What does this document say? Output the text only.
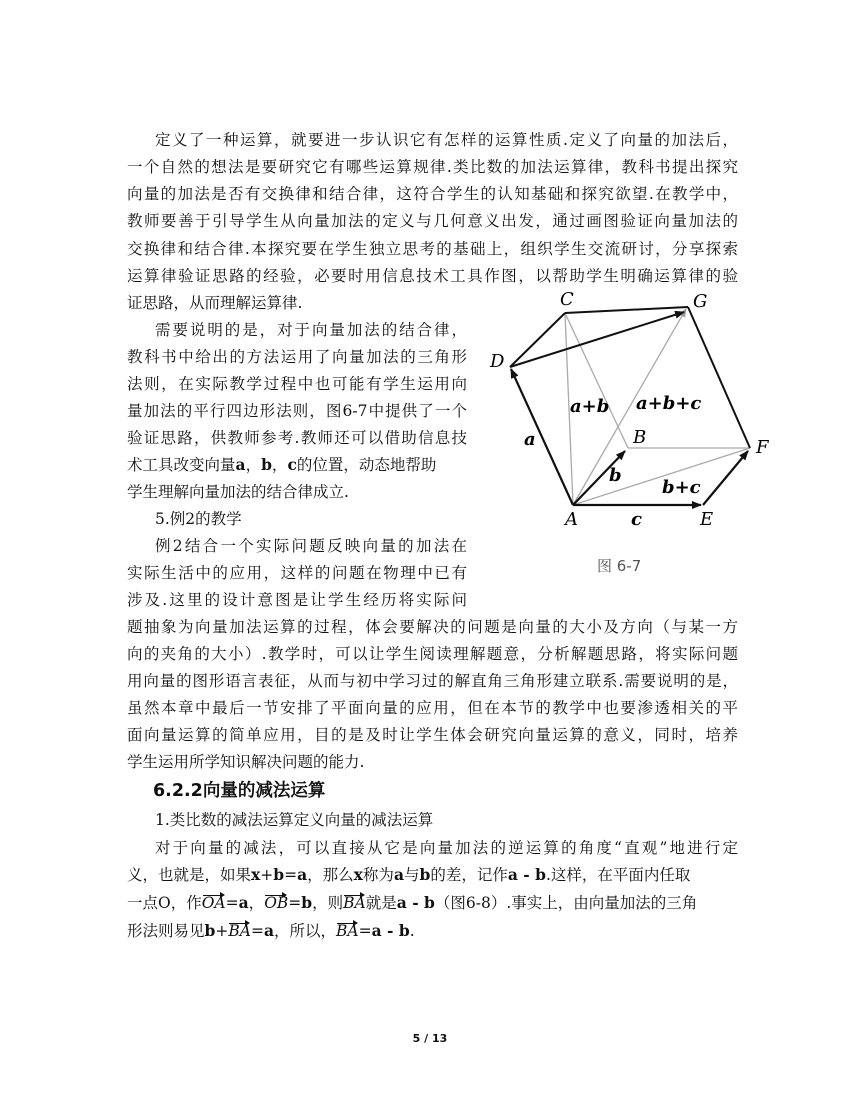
定义了一种运算，就要进一步认识它有怎样的运算性质.定义了向量的加法后，
一个自然的想法是要研究它有哪些运算规律.类比数的加法运算律，教科书提出探究
向量的加法是否有交换律和结合律，这符合学生的认知基础和探究欲望.在教学中，
教师要善于引导学生从向量加法的定义与几何意义出发，通过画图验证向量加法的
交换律和结合律.本探究要在学生独立思考的基础上，组织学生交流研讨，分享探索
运算律验证思路的经验，必要时用信息技术工具作图，以帮助学生明确运算律的验
证思路，从而理解运算律.
需要说明的是，对于向量加法的结合律，
教科书中给出的方法运用了向量加法的三角形
法则，在实际教学过程中也可能有学生运用向
量加法的平行四边形法则，图6-7中提供了一个
验证思路，供教师参考.教师还可以借助信息技
术工具改变向量a，b，c的位置，动态地帮助
学生理解向量加法的结合律成立.
5.例2的教学
例2结合一个实际问题反映向量的加法在
实际生活中的应用，这样的问题在物理中已有
涉及.这里的设计意图是让学生经历将实际问
题抽象为向量加法运算的过程，体会要解决的问题是向量的大小及方向（与某一方
向的夹角的大小）.教学时，可以让学生阅读理解题意，分析解题思路，将实际问题
用向量的图形语言表征，从而与初中学习过的解直角三角形建立联系.需要说明的是，
虽然本章中最后一节安排了平面向量的应用，但在本节的教学中也要渗透相关的平
面向量运算的简单应用，目的是及时让学生体会研究向量运算的意义，同时，培养
学生运用所学知识解决问题的能力.
6.2.2向量的减法运算
1.类比数的减法运算定义向量的减法运算
对于向量的减法，可以直接从它是向量加法的逆运算的角度“直观”地进行定
义，也就是，如果x+b=a，那么x称为a与b的差，记作a - b.这样，在平面内任取
一点O，作OA=a，OB=b，则BA就是a - b（图6-8）.事实上，由向量加法的三角
形法则易见b+BA=a，所以，BA=a - b.
C	G
D
B	F
A	E
a
b
c
a+b a+b+c
b+c
图 6-7
5 / 13
